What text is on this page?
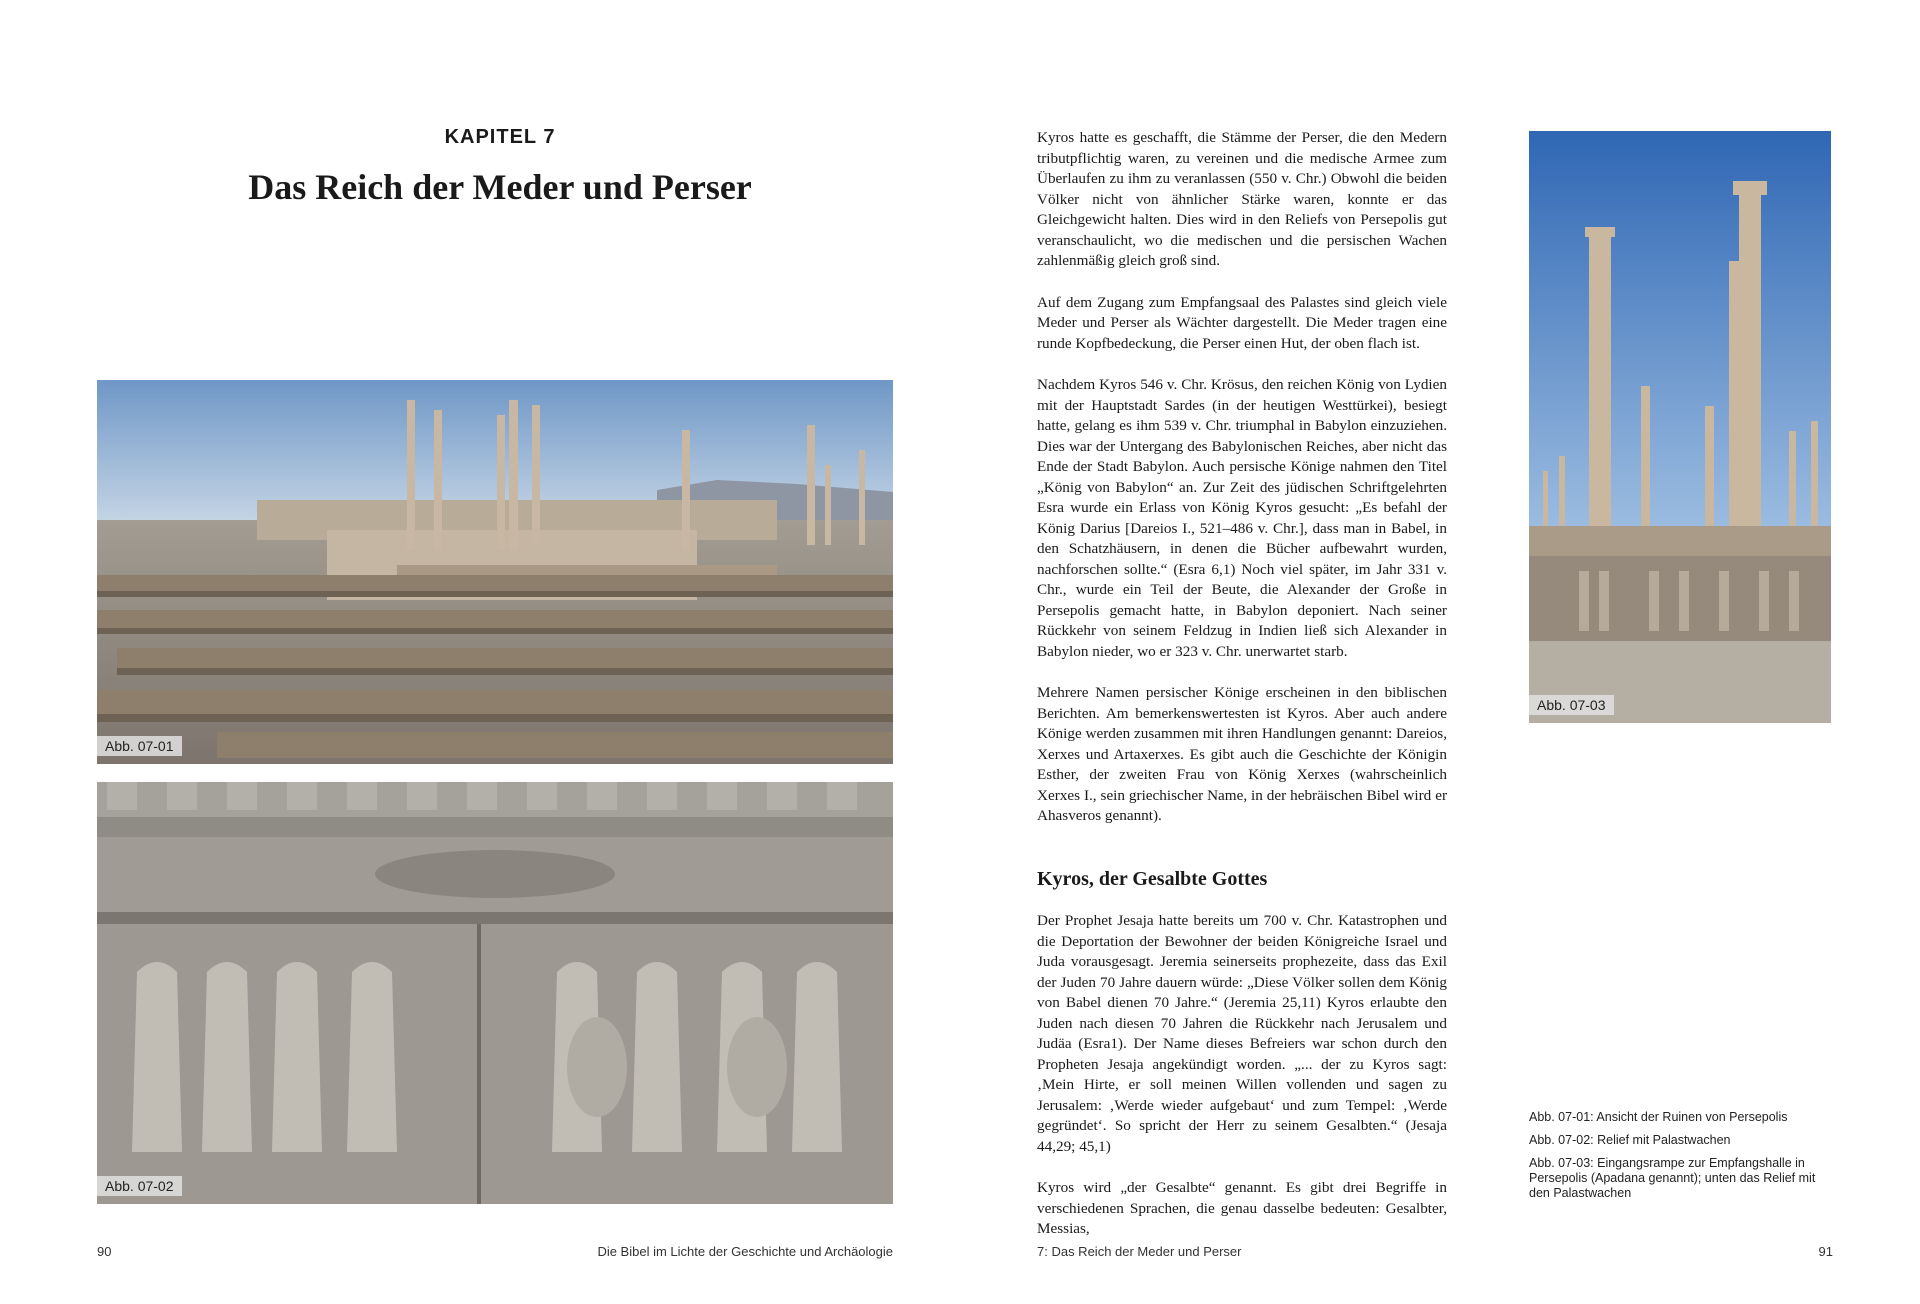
KAPITEL 7
Das Reich der Meder und Perser
Abb. 07-01
Abb. 07-02
90	Die Bibel im Lichte der Geschichte und Archäologie

Kyros hatte es geschafft, die Stämme der Perser, die den Medern tributpflichtig waren, zu vereinen und die medische Armee zum Überlaufen zu ihm zu veranlassen (550 v. Chr.) Obwohl die beiden Völker nicht von ähnlicher Stärke waren, konnte er das Gleichgewicht halten. Dies wird in den Reliefs von Persepolis gut veranschaulicht, wo die medischen und die persischen Wachen zahlenmäßig gleich groß sind.

Auf dem Zugang zum Empfangsaal des Palastes sind gleich viele Meder und Perser als Wächter dargestellt. Die Meder tragen eine runde Kopfbedeckung, die Perser einen Hut, der oben flach ist.

Nachdem Kyros 546 v. Chr. Krösus, den reichen König von Lydien mit der Hauptstadt Sardes (in der heutigen Westtürkei), besiegt hatte, gelang es ihm 539 v. Chr. triumphal in Babylon einzuziehen. Dies war der Untergang des Babylonischen Reiches, aber nicht das Ende der Stadt Babylon. Auch persische Könige nahmen den Titel „König von Babylon“ an. Zur Zeit des jüdischen Schriftgelehrten Esra wurde ein Erlass von König Kyros gesucht: „Es befahl der König Darius [Dareios I., 521–486 v. Chr.], dass man in Babel, in den Schatzhäusern, in denen die Bücher aufbewahrt wurden, nachforschen sollte.“ (Esra 6,1) Noch viel später, im Jahr 331 v. Chr., wurde ein Teil der Beute, die Alexander der Große in Persepolis gemacht hatte, in Babylon deponiert. Nach seiner Rückkehr von seinem Feldzug in Indien ließ sich Alexander in Babylon nieder, wo er 323 v. Chr. unerwartet starb.

Mehrere Namen persischer Könige erscheinen in den biblischen Berichten. Am bemerkenswertesten ist Kyros. Aber auch andere Könige werden zusammen mit ihren Handlungen genannt: Dareios, Xerxes und Artaxerxes. Es gibt auch die Geschichte der Königin Esther, der zweiten Frau von König Xerxes (wahrscheinlich Xerxes I., sein griechischer Name, in der hebräischen Bibel wird er Ahasveros genannt).

Kyros, der Gesalbte Gottes

Der Prophet Jesaja hatte bereits um 700 v. Chr. Katastrophen und die Deportation der Bewohner der beiden Königreiche Israel und Juda vorausgesagt. Jeremia seinerseits prophezeite, dass das Exil der Juden 70 Jahre dauern würde: „Diese Völker sollen dem König von Babel dienen 70 Jahre.“ (Jeremia 25,11) Kyros erlaubte den Juden nach diesen 70 Jahren die Rückkehr nach Jerusalem und Judäa (Esra1). Der Name dieses Befreiers war schon durch den Propheten Jesaja angekündigt worden. „... der zu Kyros sagt: ‚Mein Hirte, er soll meinen Willen vollenden und sagen zu Jerusalem: ‚Werde wieder aufgebaut‘ und zum Tempel: ‚Werde gegründet‘. So spricht der Herr zu seinem Gesalbten.“ (Jesaja 44,29; 45,1)

Kyros wird „der Gesalbte“ genannt. Es gibt drei Begriffe in verschiedenen Sprachen, die genau dasselbe bedeuten: Gesalbter, Messias,

Abb. 07-03
Abb. 07-01: Ansicht der Ruinen von Persepolis
Abb. 07-02: Relief mit Palastwachen
Abb. 07-03: Eingangsrampe zur Empfangshalle in Persepolis (Apadana genannt); unten das Relief mit den Palastwachen
7: Das Reich der Meder und Perser	91
